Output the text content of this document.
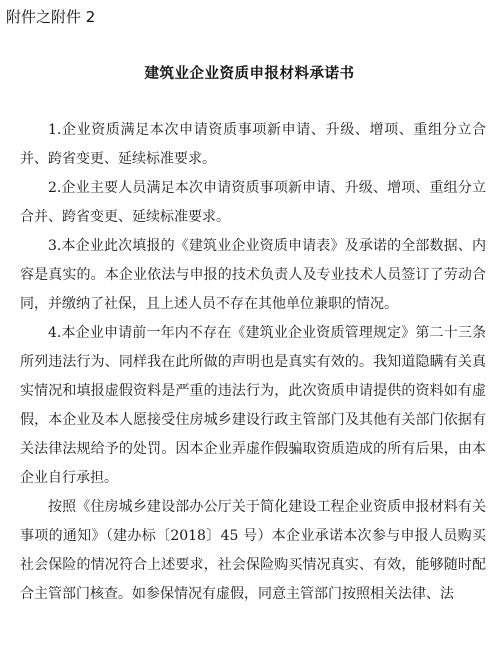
附件之附件 2
建筑业企业资质申报材料承诺书

1.企业资质满足本次申请资质事项新申请、升级、增项、重组分立合并、跨省变更、延续标准要求。

2.企业主要人员满足本次申请资质事项新申请、升级、增项、重组分立合并、跨省变更、延续标准要求。

3.本企业此次填报的《建筑业企业资质申请表》及承诺的全部数据、内容是真实的。本企业依法与申报的技术负责人及专业技术人员签订了劳动合同，并缴纳了社保，且上述人员不存在其他单位兼职的情况。

4.本企业申请前一年内不存在《建筑业企业资质管理规定》第二十三条所列违法行为、同样我在此所做的声明也是真实有效的。我知道隐瞒有关真实情况和填报虚假资料是严重的违法行为，此次资质申请提供的资料如有虚假，本企业及本人愿接受住房城乡建设行政主管部门及其他有关部门依据有关法律法规给予的处罚。因本企业弄虚作假骗取资质造成的所有后果，由本企业自行承担。

按照《住房城乡建设部办公厅关于简化建设工程企业资质申报材料有关事项的通知》（建办标〔2018〕45 号）本企业承诺本次参与申报人员购买社会保险的情况符合上述要求，社会保险购买情况真实、有效，能够随时配合主管部门核查。如参保情况有虚假，同意主管部门按照相关法律、法
